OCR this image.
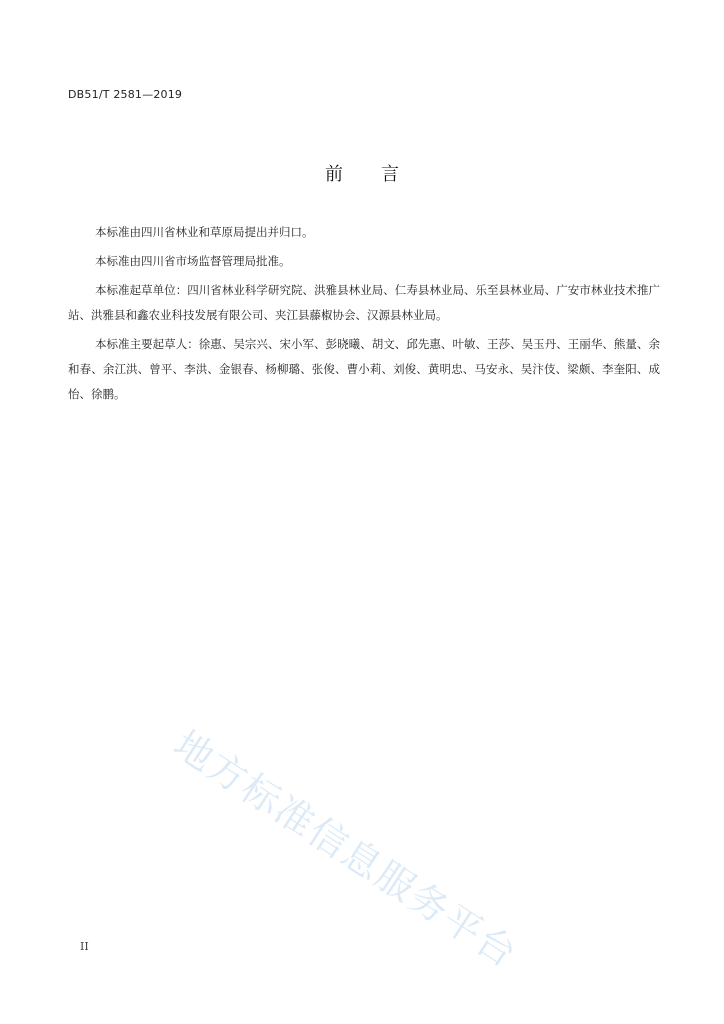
DB51/T 2581—2019
前 言

本标准由四川省林业和草原局提出并归口。

本标准由四川省市场监督管理局批准。

本标准起草单位：四川省林业科学研究院、洪雅县林业局、仁寿县林业局、乐至县林业局、广安市林业技术推广站、洪雅县和鑫农业科技发展有限公司、夹江县藤椒协会、汉源县林业局。

本标准主要起草人：徐惠、吴宗兴、宋小军、彭晓曦、胡文、邱先惠、叶敏、王莎、吴玉丹、王丽华、熊量、余和春、余江洪、曾平、李洪、金银春、杨柳璐、张俊、曹小莉、刘俊、黄明忠、马安永、吴汴伎、梁颇、李奎阳、成怡、徐鹏。

地方标准信息服务平台
II
